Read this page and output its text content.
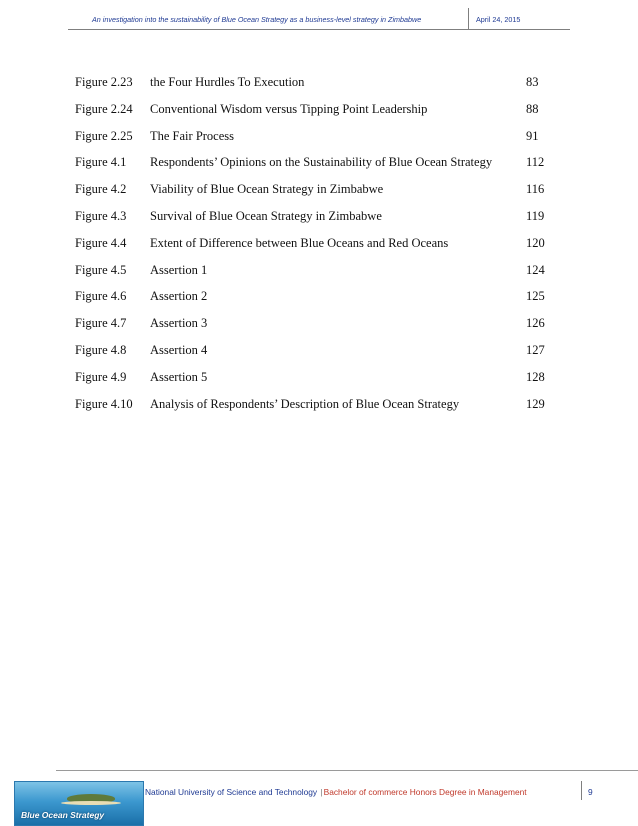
An investigation into the sustainability of Blue Ocean Strategy as a business-level strategy in Zimbabwe	April 24, 2015
Figure 2.23 the Four Hurdles To Execution	83
Figure 2.24 Conventional Wisdom versus Tipping Point Leadership	88
Figure 2.25 The Fair Process	91
Figure 4.1 Respondents’ Opinions on the Sustainability of Blue Ocean Strategy	112
Figure 4.2 Viability of Blue Ocean Strategy in Zimbabwe	116
Figure 4.3 Survival of Blue Ocean Strategy in Zimbabwe	119
Figure 4.4 Extent of Difference between Blue Oceans and Red Oceans	120
Figure 4.5 Assertion 1	124
Figure 4.6 Assertion 2	125
Figure 4.7 Assertion 3	126
Figure 4.8 Assertion 4	127
Figure 4.9 Assertion 5	128
Figure 4.10 Analysis of Respondents’ Description of Blue Ocean Strategy	129
Blue Ocean Strategy
National University of Science and Technology |Bachelor of commerce Honors Degree in Management	9
